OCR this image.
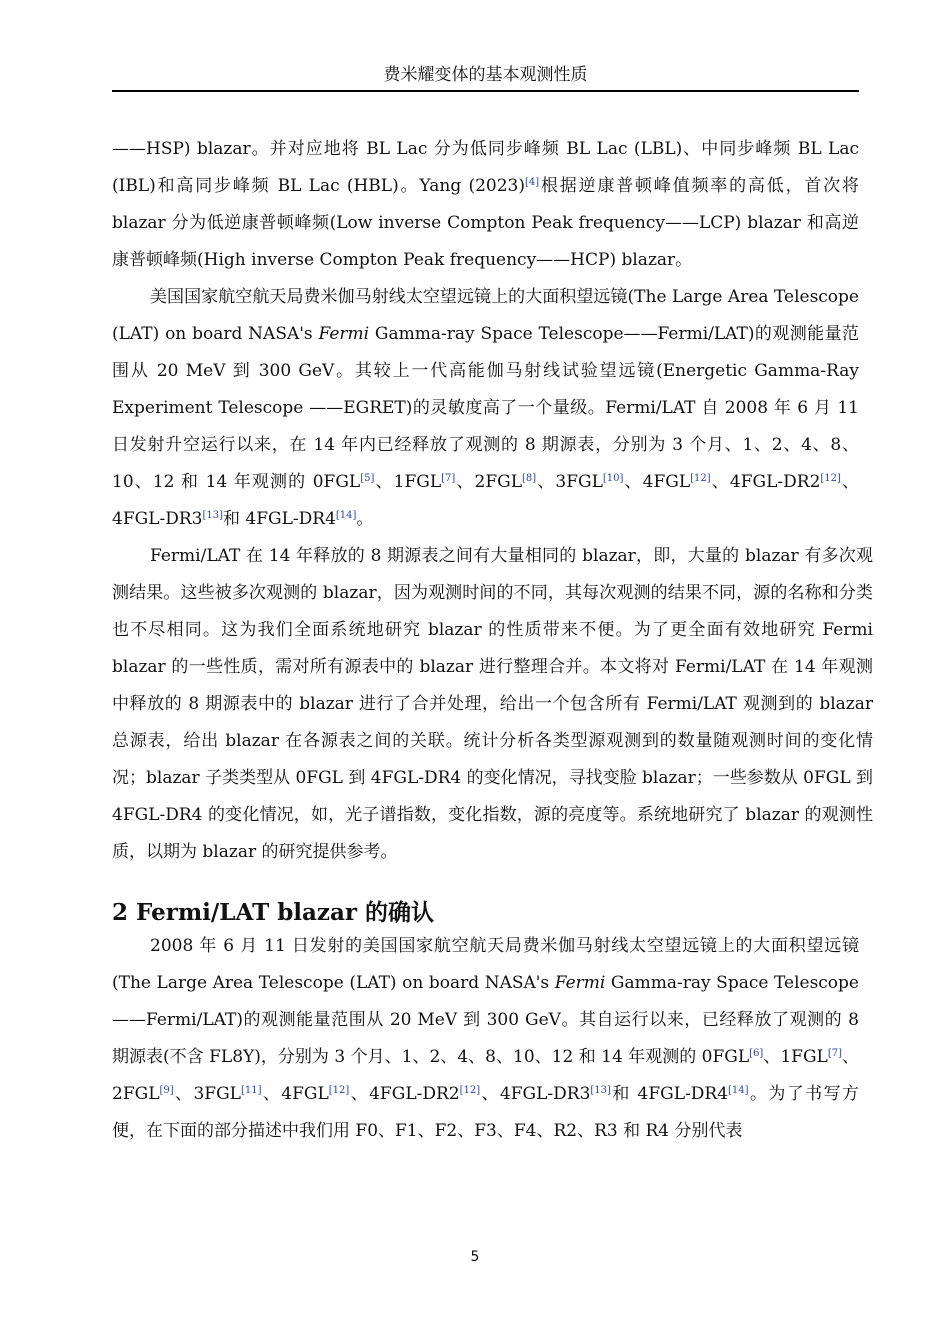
费米耀变体的基本观测性质

——HSP) blazar。并对应地将 BL Lac 分为低同步峰频 BL Lac (LBL)、中同步峰频 BL Lac (IBL)和高同步峰频 BL Lac (HBL)。Yang (2023)[4]根据逆康普顿峰值频率的高低，首次将 blazar 分为低逆康普顿峰频(Low inverse Compton Peak frequency——LCP) blazar 和高逆康普顿峰频(High inverse Compton Peak frequency——HCP) blazar。

美国国家航空航天局费米伽马射线太空望远镜上的大面积望远镜(The Large Area Telescope (LAT) on board NASA's Fermi Gamma-ray Space Telescope——Fermi/LAT)的观测能量范围从 20 MeV 到 300 GeV。其较上一代高能伽马射线试验望远镜(Energetic Gamma-Ray Experiment Telescope ——EGRET)的灵敏度高了一个量级。Fermi/LAT 自 2008 年 6 月 11 日发射升空运行以来，在 14 年内已经释放了观测的 8 期源表，分别为 3 个月、1、2、4、8、10、12 和 14 年观测的 0FGL[5]、1FGL[7]、2FGL[8]、3FGL[10]、4FGL[12]、4FGL-DR2[12]、4FGL-DR3[13]和 4FGL-DR4[14]。

Fermi/LAT 在 14 年释放的 8 期源表之间有大量相同的 blazar，即，大量的 blazar 有多次观测结果。这些被多次观测的 blazar，因为观测时间的不同，其每次观测的结果不同，源的名称和分类也不尽相同。这为我们全面系统地研究 blazar 的性质带来不便。为了更全面有效地研究 Fermi blazar 的一些性质，需对所有源表中的 blazar 进行整理合并。本文将对 Fermi/LAT 在 14 年观测中释放的 8 期源表中的 blazar 进行了合并处理，给出一个包含所有 Fermi/LAT 观测到的 blazar 总源表，给出 blazar 在各源表之间的关联。统计分析各类型源观测到的数量随观测时间的变化情况；blazar 子类类型从 0FGL 到 4FGL-DR4 的变化情况，寻找变脸 blazar；一些参数从 0FGL 到 4FGL-DR4 的变化情况，如，光子谱指数，变化指数，源的亮度等。系统地研究了 blazar 的观测性质，以期为 blazar 的研究提供参考。

2 Fermi/LAT blazar 的确认

2008 年 6 月 11 日发射的美国国家航空航天局费米伽马射线太空望远镜上的大面积望远镜(The Large Area Telescope (LAT) on board NASA's Fermi Gamma-ray Space Telescope——Fermi/LAT)的观测能量范围从 20 MeV 到 300 GeV。其自运行以来，已经释放了观测的 8 期源表(不含 FL8Y)，分别为 3 个月、1、2、4、8、10、12 和 14 年观测的 0FGL[6]、1FGL[7]、2FGL[9]、3FGL[11]、4FGL[12]、4FGL-DR2[12]、4FGL-DR3[13]和 4FGL-DR4[14]。为了书写方便，在下面的部分描述中我们用 F0、F1、F2、F3、F4、R2、R3 和 R4 分别代表

5
